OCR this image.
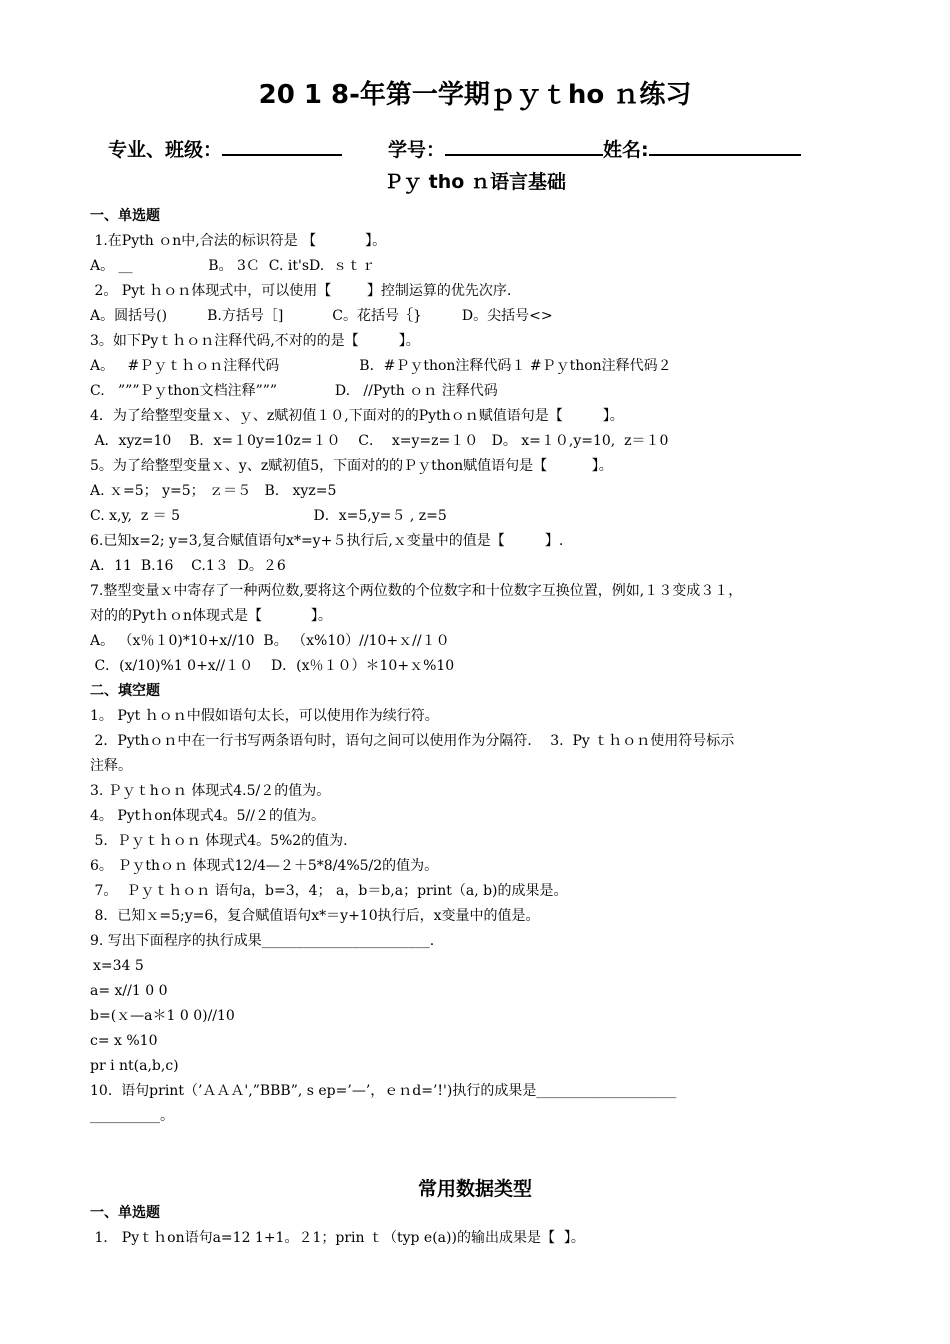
20 1 8-年第一学期ｐｙｔho ｎ练习
专业、班级：	学号：	姓名:
Ｐｙ tho ｎ语言基础
一、单选题
1.在Pyth ｏn中,合法的标识符是 【           】。
A。 __                 B。 3Ｃ  C. it'sD.  ｓｔｒ
2。 Pyt ｈｏｎ体现式中，可以使用【        】控制运算的优先次序.
A。圆括号()         B.方括号［]           C。花括号｛}         D。尖括号<>
3。如下Pyｔｈｏｎ注释代码,不对的的是【         】。
A。   #Ｐｙｔｈｏｎ注释代码                  B．#Ｐｙthon注释代码１ #Ｐｙthon注释代码２
C.   ”””Ｐｙthon文档注释”””             D.   //Pyth ｏｎ 注释代码
4．为了给整型变量ｘ、ｙ、z赋初值１０,下面对的的Pythｏｎ赋值语句是【         】。
A．xyz=10    B．x=１0y=10z=１０    C．  x=y=z=１０   D。 x=１０,y=10,  z＝１0
5。为了给整型变量ｘ、y、z赋初值5，下面对的的Ｐｙthon赋值语句是【          】。
A. ｘ=5； y=5； ｚ＝５   B.   xyz=5
C. x,y,  z ＝ 5                              D．x=5,y=５ , z=5
6.已知x=2; y=3,复合赋值语句x*=y+５执行后,ｘ变量中的值是【         】.
A．11  B.16    C.1３  D。２6
7.整型变量ｘ中寄存了一种两位数,要将这个两位数的个位数字和十位数字互换位置，例如,１３变成３１，
对的的Pytｈｏn体现式是【           】。
A。 （x％１0)*10+x//10  B。 （x%10）//10+ｘ//１０
C．(x/10)%1 0+x//１０    D．(x％１０）＊10+ｘ%10
二、填空题
1。 Pyt ｈｏｎ中假如语句太长，可以使用作为续行符。
2．Pythｏｎ中在一行书写两条语句时，语句之间可以使用作为分隔符．  3.  Py ｔｈｏｎ使用符号标示
注释。
3. Ｐｙｔhｏｎ 体现式4.5/２的值为。
4。 Pytｈon体现式4。5//２的值为。
5.  Ｐｙｔｈｏｎ 体现式4。5%2的值为.
6。 Ｐｙthｏｎ 体现式12/4—２＋5*8/4%5/2的值为。
7。  Ｐｙｔｈｏｎ 语句a，b=3，4； a，b＝b,a；print（a, b)的成果是。
8．已知ｘ=5;y=6，复合赋值语句x*＝y+10执行后，x变量中的值是。
9. 写出下面程序的执行成果________________________.
x=34 5
a= x//1 0 0
b=(ｘ—a＊1 0 0)//10
c= x %10
pr i nt(a,b,c)
10.  语句print（’ＡＡＡ',”BBB”, s ep=’—’，ｅｎd=’!')执行的成果是____________________
__________。
常用数据类型
一、单选题
1． Pyｔｈon语句a=12 1+1。２1；prin ｔ（typ e(a))的输出成果是【  】。
